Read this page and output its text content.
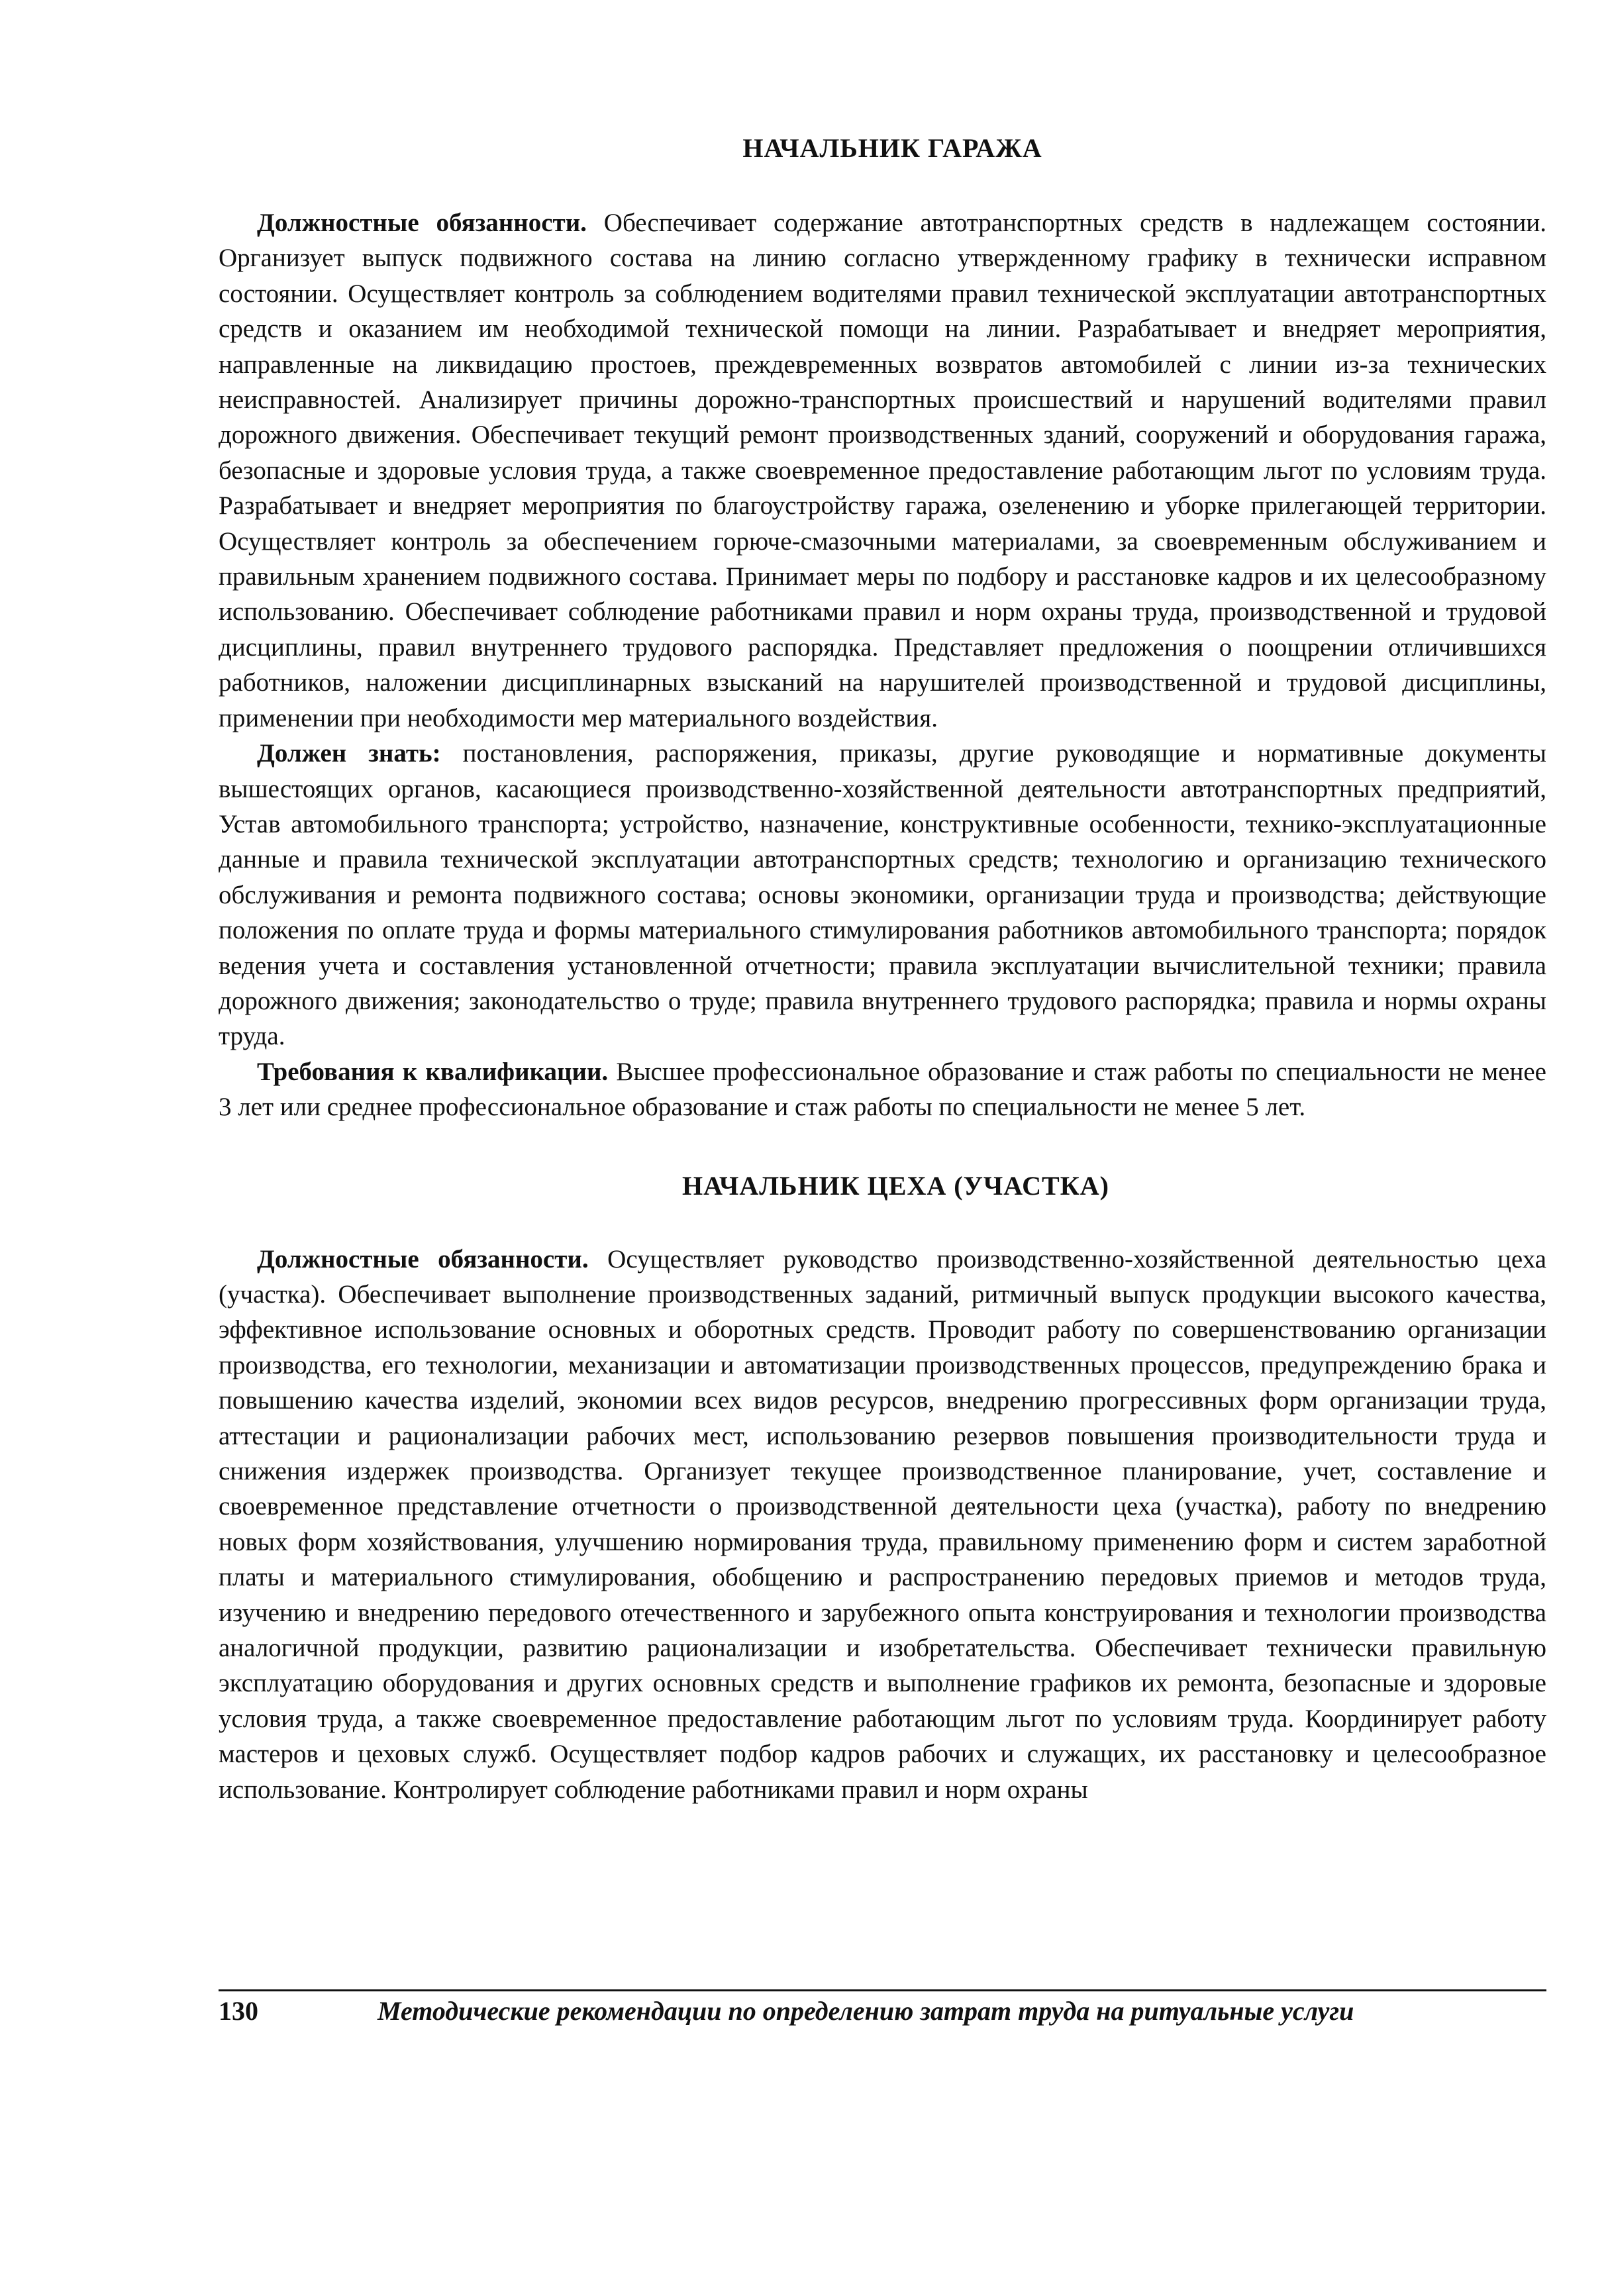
НАЧАЛЬНИК ГАРАЖА

Должностные обязанности. Обеспечивает содержание автотранспортных средств в надлежащем состоянии. Организует выпуск подвижного состава на линию согласно утвержденному графику в технически исправном состоянии. Осуществляет контроль за соблюдением водителями правил технической эксплуатации автотранспортных средств и оказанием им необходимой технической помощи на линии. Разрабатывает и внедряет мероприятия, направленные на ликвидацию простоев, преждевременных возвратов автомобилей с линии из-за технических неисправностей. Анализирует причины дорожно-транспортных происшествий и нарушений водителями правил дорожного движения. Обеспечивает текущий ремонт производственных зданий, сооружений и оборудования гаража, безопасные и здоровые условия труда, а также своевременное предоставление работающим льгот по условиям труда. Разрабатывает и внедряет мероприятия по благоустройству гаража, озеленению и уборке прилегающей территории. Осуществляет контроль за обеспечением горюче-смазочными материалами, за своевременным обслуживанием и правильным хранением подвижного состава. Принимает меры по подбору и расстановке кадров и их целесообразному использованию. Обеспечивает соблюдение работниками правил и норм охраны труда, производственной и трудовой дисциплины, правил внутреннего трудового распорядка. Представляет предложения о поощрении отличившихся работников, наложении дисциплинарных взысканий на нарушителей производственной и трудовой дисциплины, применении при необходимости мер материального воздействия.

Должен знать: постановления, распоряжения, приказы, другие руководящие и нормативные документы вышестоящих органов, касающиеся производственно-хозяйственной деятельности автотранспортных предприятий, Устав автомобильного транспорта; устройство, назначение, конструктивные особенности, технико-эксплуатационные данные и правила технической эксплуатации автотранспортных средств; технологию и организацию технического обслуживания и ремонта подвижного состава; основы экономики, организации труда и производства; действующие положения по оплате труда и формы материального стимулирования работников автомобильного транспорта; порядок ведения учета и составления установленной отчетности; правила эксплуатации вычислительной техники; правила дорожного движения; законодательство о труде; правила внутреннего трудового распорядка; правила и нормы охраны труда.

Требования к квалификации. Высшее профессиональное образование и стаж работы по специальности не менее 3 лет или среднее профессиональное образование и стаж работы по специальности не менее 5 лет.

НАЧАЛЬНИК ЦЕХА (УЧАСТКА)

Должностные обязанности. Осуществляет руководство производственно-хозяйственной деятельностью цеха (участка). Обеспечивает выполнение производственных заданий, ритмичный выпуск продукции высокого качества, эффективное использование основных и оборотных средств. Проводит работу по совершенствованию организации производства, его технологии, механизации и автоматизации производственных процессов, предупреждению брака и повышению качества изделий, экономии всех видов ресурсов, внедрению прогрессивных форм организации труда, аттестации и рационализации рабочих мест, использованию резервов повышения производительности труда и снижения издержек производства. Организует текущее производственное планирование, учет, составление и своевременное представление отчетности о производственной деятельности цеха (участка), работу по внедрению новых форм хозяйствования, улучшению нормирования труда, правильному применению форм и систем заработной платы и материального стимулирования, обобщению и распространению передовых приемов и методов труда, изучению и внедрению передового отечественного и зарубежного опыта конструирования и технологии производства аналогичной продукции, развитию рационализации и изобретательства. Обеспечивает технически правильную эксплуатацию оборудования и других основных средств и выполнение графиков их ремонта, безопасные и здоровые условия труда, а также своевременное предоставление работающим льгот по условиям труда. Координирует работу мастеров и цеховых служб. Осуществляет подбор кадров рабочих и служащих, их расстановку и целесообразное использование. Контролирует соблюдение работниками правил и норм охраны

130	Методические рекомендации по определению затрат труда на ритуальные услуги
